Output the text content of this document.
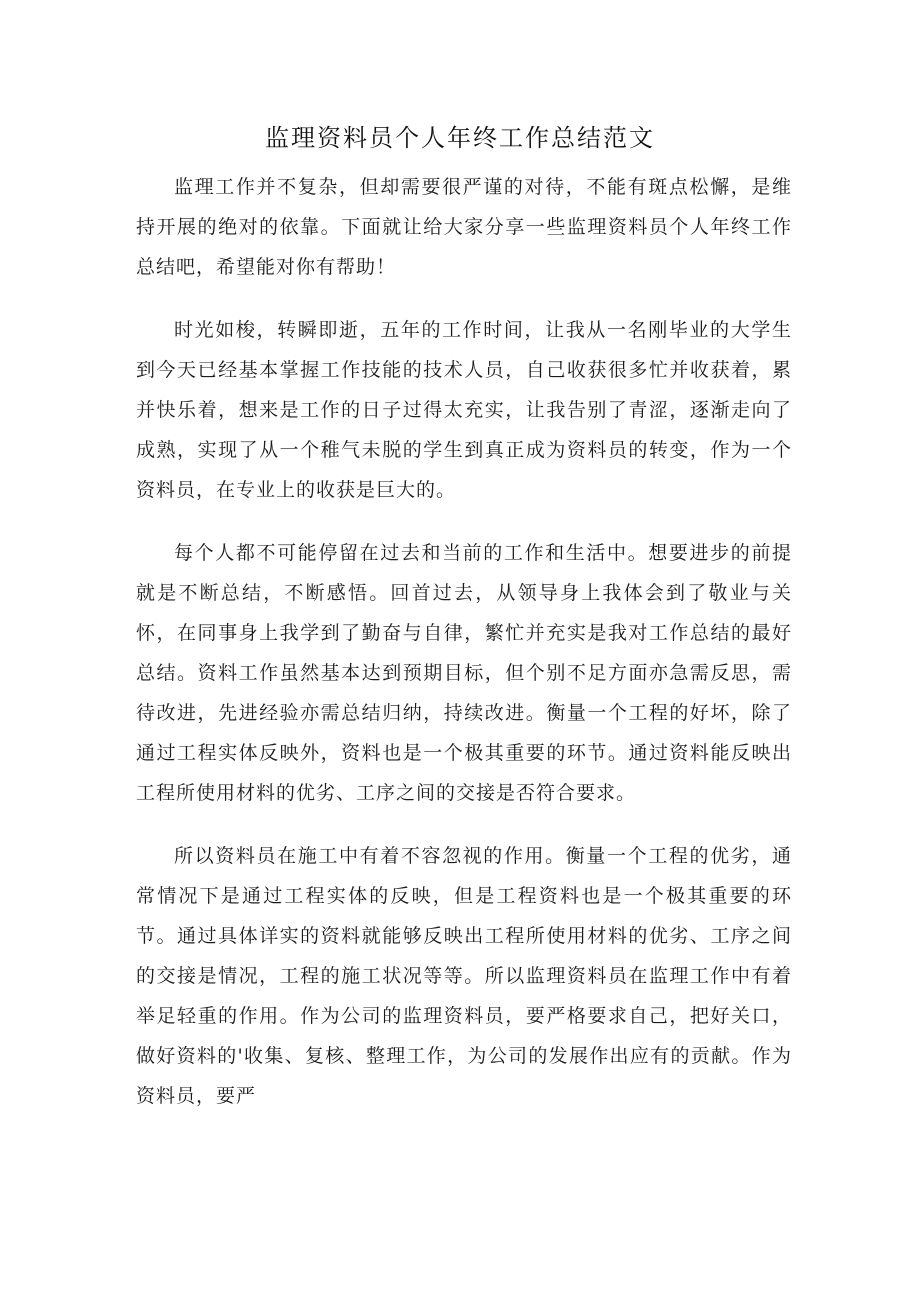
监理资料员个人年终工作总结范文

监理工作并不复杂，但却需要很严谨的对待，不能有斑点松懈，是维持开展的绝对的依靠。下面就让给大家分享一些监理资料员个人年终工作总结吧，希望能对你有帮助！

时光如梭，转瞬即逝，五年的工作时间，让我从一名刚毕业的大学生到今天已经基本掌握工作技能的技术人员，自己收获很多忙并收获着，累并快乐着，想来是工作的日子过得太充实，让我告别了青涩，逐渐走向了成熟，实现了从一个稚气未脱的学生到真正成为资料员的转变，作为一个资料员，在专业上的收获是巨大的。

每个人都不可能停留在过去和当前的工作和生活中。想要进步的前提就是不断总结，不断感悟。回首过去，从领导身上我体会到了敬业与关怀，在同事身上我学到了勤奋与自律，繁忙并充实是我对工作总结的最好总结。资料工作虽然基本达到预期目标，但个别不足方面亦急需反思，需待改进，先进经验亦需总结归纳，持续改进。衡量一个工程的好坏，除了通过工程实体反映外，资料也是一个极其重要的环节。通过资料能反映出工程所使用材料的优劣、工序之间的交接是否符合要求。

所以资料员在施工中有着不容忽视的作用。衡量一个工程的优劣，通常情况下是通过工程实体的反映，但是工程资料也是一个极其重要的环节。通过具体详实的资料就能够反映出工程所使用材料的优劣、工序之间的交接是情况，工程的施工状况等等。所以监理资料员在监理工作中有着举足轻重的作用。作为公司的监理资料员，要严格要求自己，把好关口，做好资料的'收集、复核、整理工作，为公司的发展作出应有的贡献。作为资料员，要严
